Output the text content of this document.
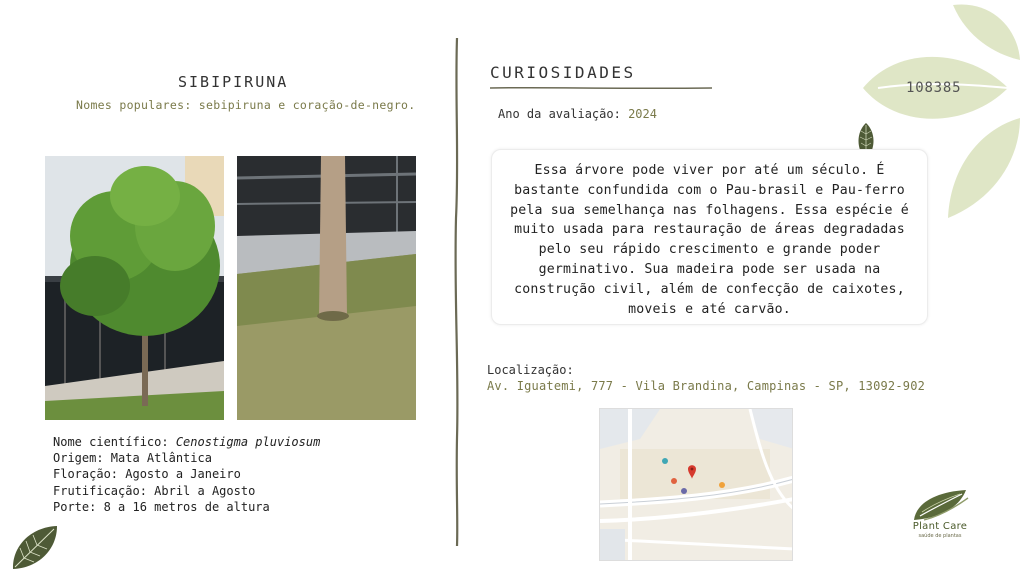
SIBIPIRUNA
Nomes populares: sebipiruna e coração-de-negro.
Nome científico: Cenostigma pluviosum
Origem: Mata Atlântica
Floração: Agosto a Janeiro
Frutificação: Abril a Agosto
Porte: 8 a 16 metros de altura
CURIOSIDADES
Ano da avaliação: 2024
Essa árvore pode viver por até um século. É bastante confundida com o Pau-brasil e Pau-ferro pela sua semelhança nas folhagens. Essa espécie é muito usada para restauração de áreas degradadas pelo seu rápido crescimento e grande poder germinativo. Sua madeira pode ser usada na construção civil, além de confecção de caixotes, moveis e até carvão.
Localização:
Av. Iguatemi, 777 - Vila Brandina, Campinas - SP, 13092-902
108385
Plant Care
saúde de plantas
